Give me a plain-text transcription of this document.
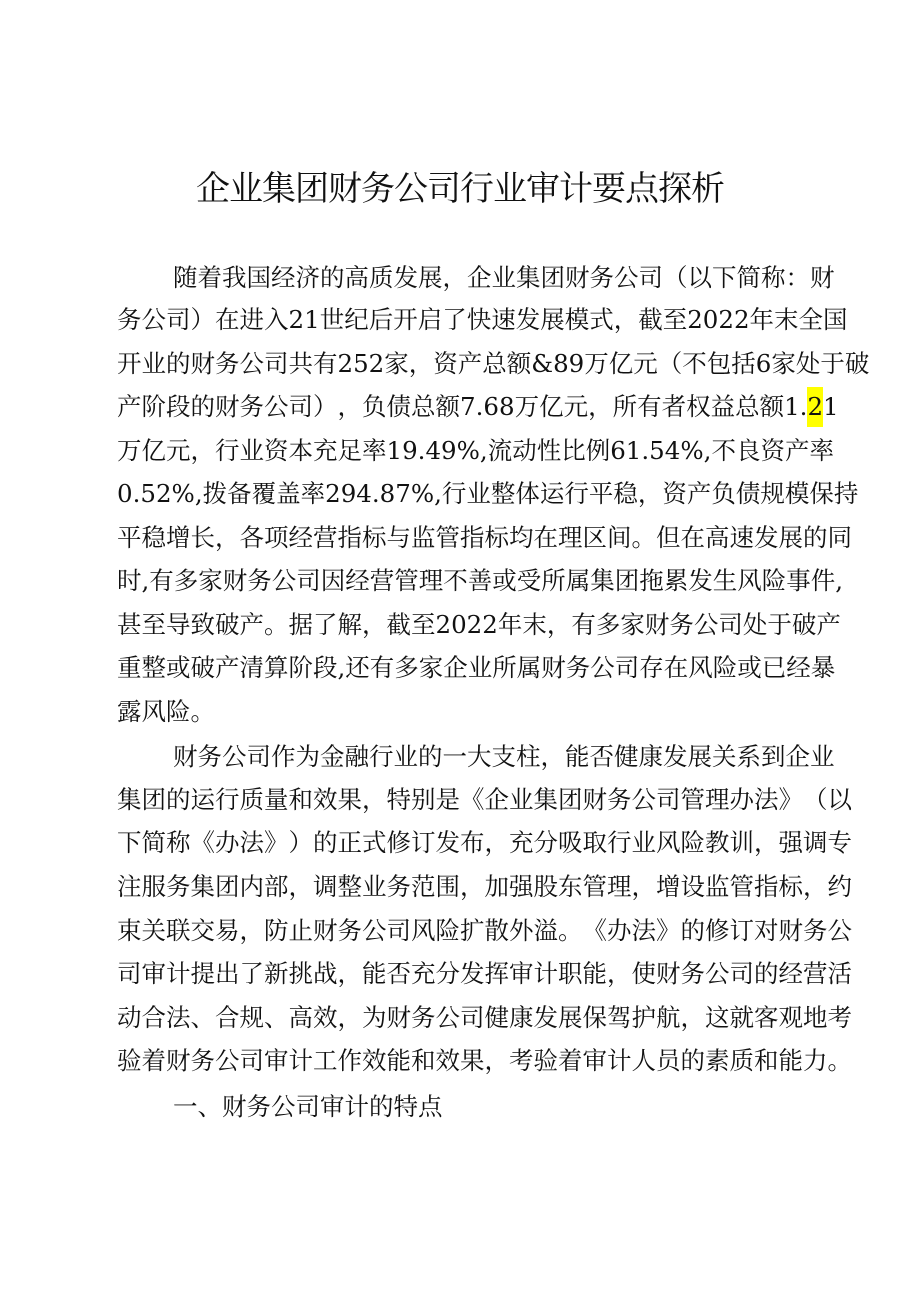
企业集团财务公司行业审计要点探析
随 着 我 国 经 济 的 高 质 发 展 ， 企 业 集 团 财 务 公 司 （ 以 下 简 称 ： 财
务 公 司 ） 在 进 入 21 世 纪 后 开 启 了 快 速 发 展 模 式 ， 截 至 2022 年 末 全 国
开 业 的 财 务 公 司 共 有 252 家 ， 资 产 总 额 &89 万 亿 元 （ 不 包 括 6 家 处 于 破
产 阶 段 的 财 务 公 司 ） ， 负 债 总 额 7.68 万 亿 元 ， 所 有 者 权 益 总 额 1. 2 1
万 亿 元 ， 行 业 资 本 充 足 率 19.49%, 流 动 性 比 例 61.54%, 不 良 资 产 率
0.52%, 拨 备 覆 盖 率 294.87%, 行 业 整 体 运 行 平 稳 ， 资 产 负 债 规 模 保 持
平 稳 增 长 ， 各 项 经 营 指 标 与 监 管 指 标 均 在 理 区 间 。 但 在 高 速 发 展 的 同
时 , 有 多 家 财 务 公 司 因 经 营 管 理 不 善 或 受 所 属 集 团 拖 累 发 生 风 险 事 件 ,
甚 至 导 致 破 产 。 据 了 解 ， 截 至 2022 年 末 ， 有 多 家 财 务 公 司 处 于 破 产
重 整 或 破 产 清 算 阶 段 , 还 有 多 家 企 业 所 属 财 务 公 司 存 在 风 险 或 已 经 暴
露 风 险 。
财 务 公 司 作 为 金 融 行 业 的 一 大 支 柱 ， 能 否 健 康 发 展 关 系 到 企 业
集 团 的 运 行 质 量 和 效 果 ， 特 别 是 《 企 业 集 团 财 务 公 司 管 理 办 法 》 （ 以
下 简 称 《 办 法 》 ） 的 正 式 修 订 发 布 ， 充 分 吸 取 行 业 风 险 教 训 ， 强 调 专
注 服 务 集 团 内 部 ， 调 整 业 务 范 围 ， 加 强 股 东 管 理 ， 增 设 监 管 指 标 ， 约
束 关 联 交 易 ， 防 止 财 务 公 司 风 险 扩 散 外 溢 。 《 办 法 》 的 修 订 对 财 务 公
司 审 计 提 出 了 新 挑 战 ， 能 否 充 分 发 挥 审 计 职 能 ， 使 财 务 公 司 的 经 营 活
动 合 法 、 合 规 、 高 效 ， 为 财 务 公 司 健 康 发 展 保 驾 护 航 ， 这 就 客 观 地 考
验 着 财 务 公 司 审 计 工 作 效 能 和 效 果 ， 考 验 着 审 计 人 员 的 素 质 和 能 力 。
一 、 财 务 公 司 审 计 的 特 点
